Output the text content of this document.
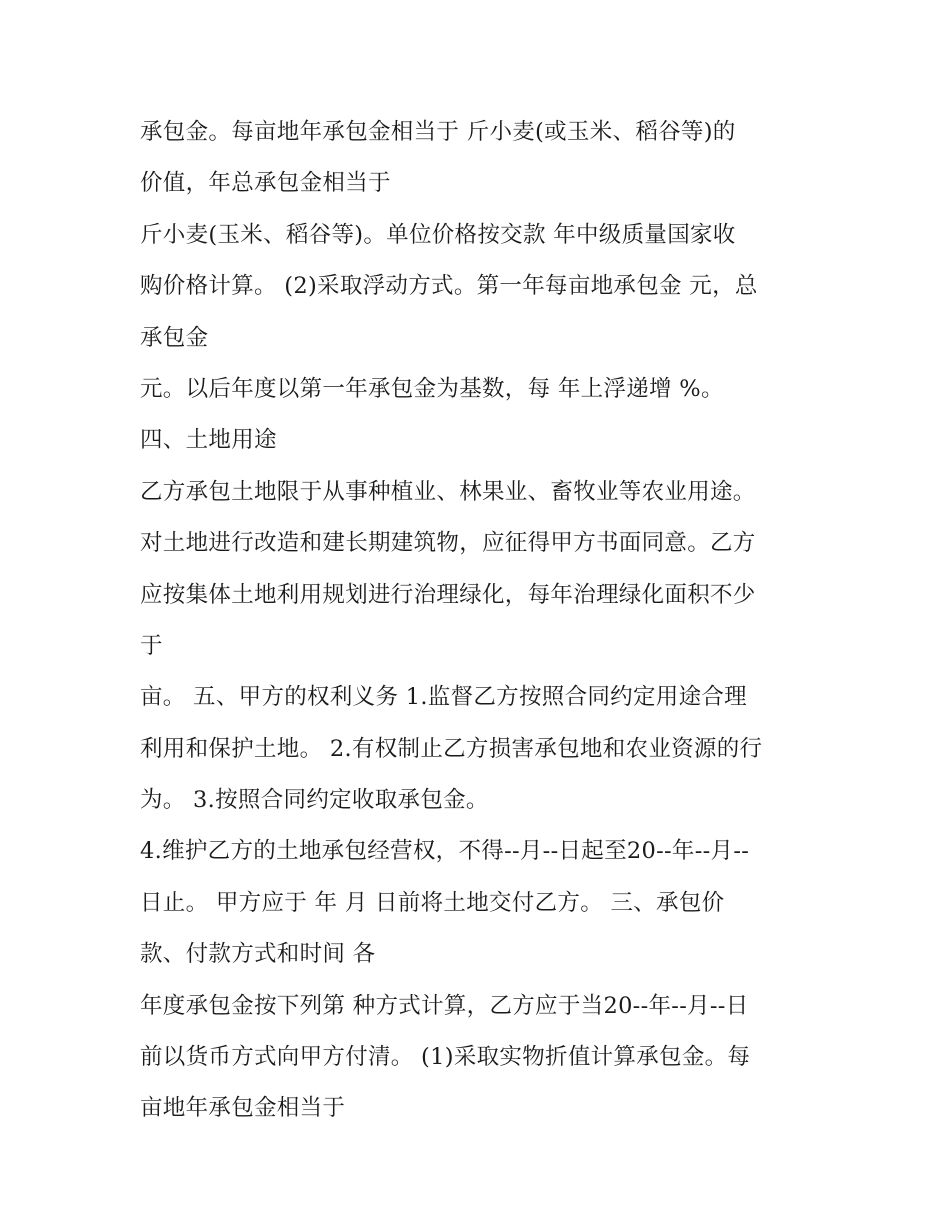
承包金。每亩地年承包金相当于 斤小麦(或玉米、稻谷等)的
价值，年总承包金相当于
斤小麦(玉米、稻谷等)。单位价格按交款 年中级质量国家收
购价格计算。 (2)采取浮动方式。第一年每亩地承包金 元，总
承包金
元。以后年度以第一年承包金为基数，每 年上浮递增 %。
四、土地用途
乙方承包土地限于从事种植业、林果业、畜牧业等农业用途。
对土地进行改造和建长期建筑物，应征得甲方书面同意。乙方
应按集体土地利用规划进行治理绿化，每年治理绿化面积不少
于
亩。 五、甲方的权利义务 1.监督乙方按照合同约定用途合理
利用和保护土地。 2.有权制止乙方损害承包地和农业资源的行
为。 3.按照合同约定收取承包金。
4.维护乙方的土地承包经营权，不得--月--日起至20--年--月--
日止。 甲方应于 年 月 日前将土地交付乙方。 三、承包价
款、付款方式和时间 各
年度承包金按下列第 种方式计算，乙方应于当20--年--月--日
前以货币方式向甲方付清。 (1)采取实物折值计算承包金。每
亩地年承包金相当于
